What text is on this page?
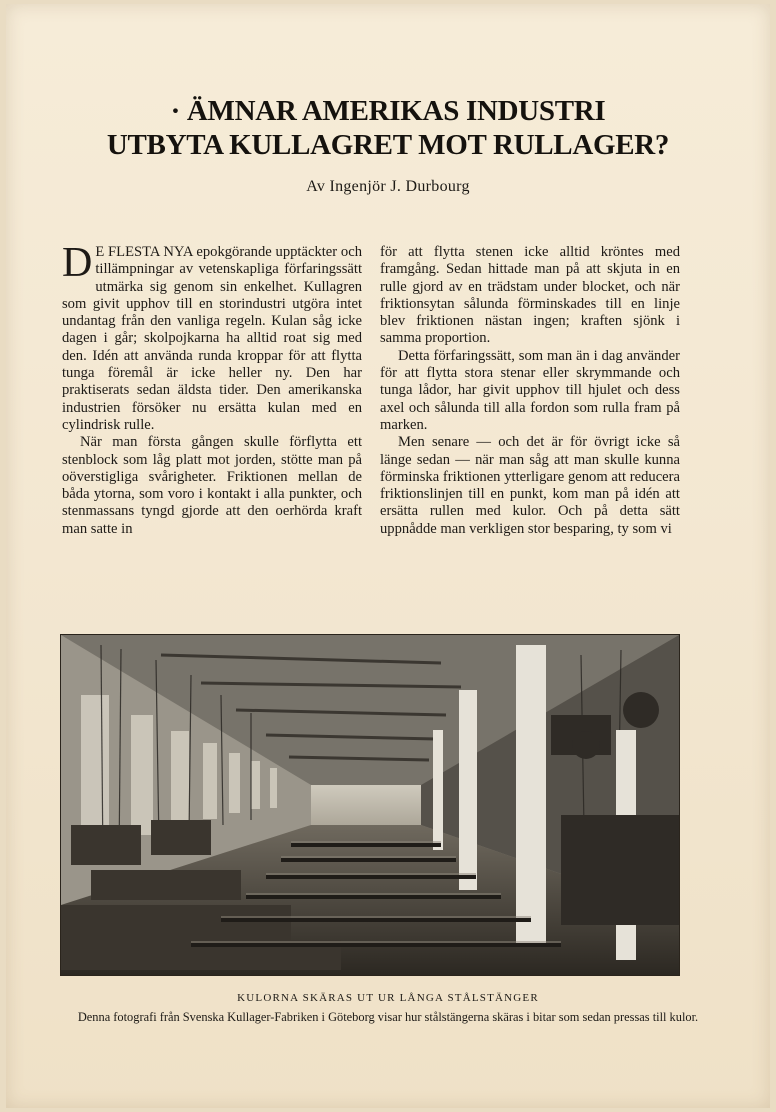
· ÄMNAR AMERIKAS INDUSTRI
UTBYTA KULLAGRET MOT RULLAGER?
Av Ingenjör J. Durbourg

D E FLESTA NYA epokgörande upptäckter och tillämpningar av vetenskapliga förfaringssätt utmärka sig genom sin enkelhet. Kullagren som givit upphov till en storindustri utgöra intet undantag från den vanliga regeln. Kulan såg icke dagen i går; skolpojkarna ha alltid roat sig med den. Idén att använda runda kroppar för att flytta tunga föremål är icke heller ny. Den har praktiserats sedan äldsta tider. Den amerikanska industrien försöker nu ersätta kulan med en cylindrisk rulle.

När man första gången skulle förflytta ett stenblock som låg platt mot jorden, stötte man på oöverstigliga svårigheter. Friktionen mellan de båda ytorna, som voro i kontakt i alla punkter, och stenmassans tyngd gjorde att den oerhörda kraft man satte in

för att flytta stenen icke alltid kröntes med framgång. Sedan hittade man på att skjuta in en rulle gjord av en trädstam under blocket, och när friktionsytan sålunda förminskades till en linje blev friktionen nästan ingen; kraften sjönk i samma proportion.

Detta förfaringssätt, som man än i dag använder för att flytta stora stenar eller skrymmande och tunga lådor, har givit upphov till hjulet och dess axel och sålunda till alla fordon som rulla fram på marken.

Men senare — och det är för övrigt icke så länge sedan — när man såg att man skulle kunna förminska friktionen ytterligare genom att reducera friktionslinjen till en punkt, kom man på idén att ersätta rullen med kulor. Och på detta sätt uppnådde man verkligen stor besparing, ty som vi

KULORNA SKÄRAS UT UR LÅNGA STÅLSTÄNGER
Denna fotografi från Svenska Kullager-Fabriken i Göteborg visar hur stålstängerna skäras i bitar som sedan pressas till kulor.
